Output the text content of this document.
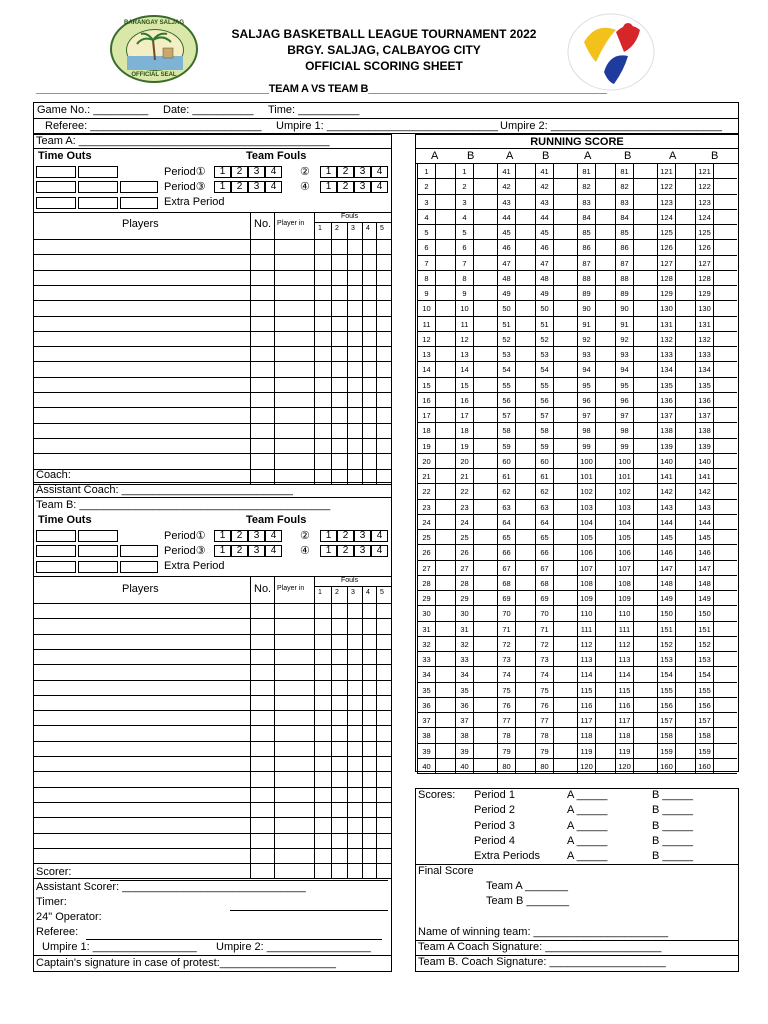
BARANGAY SALJAG
OFFICIAL SEAL
SALJAG BASKETBALL LEAGUE TOURNAMENT 2022
BRGY. SALJAG, CALBAYOG CITY
OFFICIAL SCORING SHEET
________________________________________TEAM A VS TEAM B_________________________________________
Game No.: _________ Date: __________ Time: __________
Referee: ____________________________ Umpire 1: ____________________________ Umpire 2: ____________________________
Team A: _________________________________________
Time Outs	Team Fouls
Period①	②
Period③	④
Extra Period
1	2	3	4	1	2	3	4
1	2	3	4	1	2	3	4
Players	No. Player in
Fouls
1 2 3 4 5
Coach:
Assistant Coach: ____________________________
Team B: _________________________________________
Time Outs	Team Fouls
Period①	②
Period③	④
Extra Period
1	2	3	4	1	2	3	4
1	2	3	4	1	2	3	4
Players	No. Player in
Fouls
1 2 3 4 5
Scorer:
Assistant Scorer: ______________________________
Timer:
24" Operator:
Referee:
Umpire 1: _________________ Umpire 2: _________________
Captain's signature in case of protest:___________________
RUNNING SCORE
A	B	A	B	A	B	A	B
1	1	41	41	81	81	121	121
2	2	42	42	82	82	122	122
3	3	43	43	83	83	123	123
4	4	44	44	84	84	124	124
5	5	45	45	85	85	125	125
6	6	46	46	86	86	126	126
7	7	47	47	87	87	127	127
8	8	48	48	88	88	128	128
9	9	49	49	89	89	129	129
10	10	50	50	90	90	130	130
11	11	51	51	91	91	131	131
12	12	52	52	92	92	132	132
13	13	53	53	93	93	133	133
14	14	54	54	94	94	134	134
15	15	55	55	95	95	135	135
16	16	56	56	96	96	136	136
17	17	57	57	97	97	137	137
18	18	58	58	98	98	138	138
19	19	59	59	99	99	139	139
20	20	60	60	100	100	140	140
21	21	61	61	101	101	141	141
22	22	62	62	102	102	142	142
23	23	63	63	103	103	143	143
24	24	64	64	104	104	144	144
25	25	65	65	105	105	145	145
26	26	66	66	106	106	146	146
27	27	67	67	107	107	147	147
28	28	68	68	108	108	148	148
29	29	69	69	109	109	149	149
30	30	70	70	110	110	150	150
31	31	71	71	111	111	151	151
32	32	72	72	112	112	152	152
33	33	73	73	113	113	153	153
34	34	74	74	114	114	154	154
35	35	75	75	115	115	155	155
36	36	76	76	116	116	156	156
37	37	77	77	117	117	157	157
38	38	78	78	118	118	158	158
39	39	79	79	119	119	159	159
40	40	80	80	120	120	160	160
Scores: Period 1	A _____	B _____
Period 2	A _____	B _____
Period 3	A _____	B _____
Period 4	A _____	B _____
Extra Periods A _____	B _____
Final Score
Team A _______
Team B _______
Name of winning team: ______________________
Team A Coach Signature: ___________________
Team B. Coach Signature: ___________________
